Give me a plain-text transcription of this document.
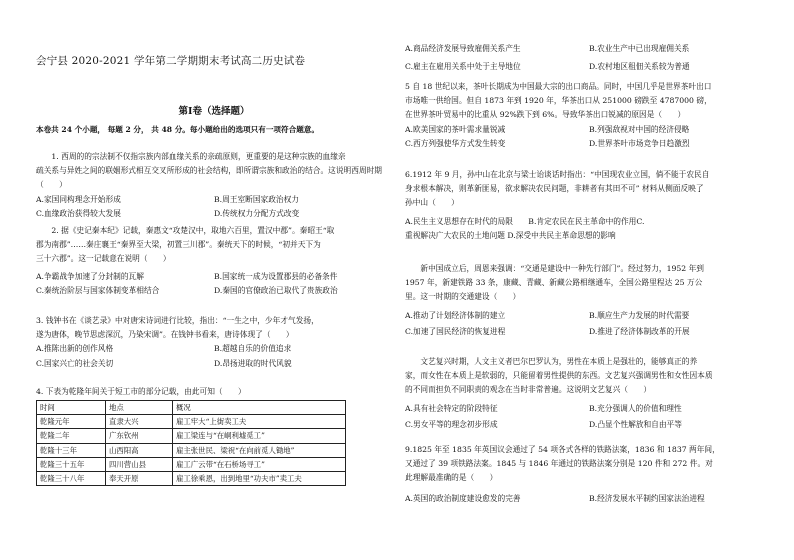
会宁县 2020-2021 学年第二学期期末考试高二历史试卷
第Ⅰ卷（选择题）
本卷共 24 个小题， 每题 2 分， 共 48 分。每小题给出的选项只有一项符合题意。

1. 西周的的宗法制不仅指宗族内部血缘关系的亲疏原则，更重要的是这种宗族的血缘亲

疏关系与异姓之间的联姻形式相互交叉所形成的社会结构，即所谓宗族和政治的结合。这说明西周时期（　　）

A.家国同构理念开始形成	B.周王室断国家政治权力
C.血缘政治获得较大发展	D.传统权力分配方式改变

2. 据《史记秦本纪》记载，秦惠文“攻楚汉中，取地六百里，置汉中郡”。秦昭王“取

郡为南郡”……秦庄襄王“秦界至大梁，初置三川郡”。秦统天下的时候，“初并天下为

三十六郡”。这一记载意在说明（　　）

A.争霸战争加速了分封制的瓦解	B.国家统一成为设置郡县的必备条件
C.秦统治阶层与国家体制变革相结合	D.秦国的官僚政治已取代了贵族政治

3. 钱钟书在《谈艺录》中对唐宋诗词进行比较，指出：“一生之中，少年才气发扬，

遂为唐体，晚节思虑深沉，乃染宋调”。在钱钟书看来，唐诗体现了（　　）

A.推陈出新的创作风格	B.超越自乐的价值追求
C.国家兴亡的社会关切	D.昂扬进取的时代风貌

4. 下表为乾隆年间关于短工市的部分记载，由此可知（　　）

时间	地点	概况
乾隆元年	直隶大兴	雇工牢大“上街卖工夫
乾隆二年	广东钦州	雇工梁连与“在峒利墟觅工”
乾隆十三年	山西阳高	雇主张世民、梁祝“在向前觅人锄地”
乾隆三十五年	四川营山县	雇工广云带“在石桥场寻工”
乾隆三十八年	奉天开原	雇工徐乘恩，出到地里“功夫市”卖工夫
A.商品经济发展导致雇佣关系产生	B.农业生产中已出现雇佣关系
C.雇主在雇用关系中处于主导地位	D.农村地区租佃关系较为普通

5 自 18 世纪以来，茶叶长期成为中国最大宗的出口商品。同时，中国几乎是世界茶叶出口

市场唯一供给国。但自 1873 年到 1920 年，华茶出口从 251000 磅跌至 4787000 磅，

在世界茶叶贸易中的比重从 92%跌下到 6%。导致华茶出口锐减的原因是（　　）

A.欧美国家的茶叶需求量锐减	B.列强敌视对中国的经济侵略
C.西方列强使华方式发生转变	D.世界茶叶市场竞争日趋激烈

6.1912 年 9 月，孙中山在北京与梁士诒谈话时指出：“中国现农业立国，倘不能于农民自

身求根本解决，则革新匪易，欲求解决农民问题，非耕者有其田不可” 材料从侧面反映了

孙中山（　　）

A.民生主义思想存在时代的局限　　B.肯定农民在民主革命中的作用C.

重视解决广大农民的土地问题 D.深受中共民主革命思想的影响

新中国成立后，周恩来强调：“交通是建设中一种先行部门”。经过努力，1952 年到

1957 年，新建铁路 33 条，康藏、青藏、新藏公路相继通车，全国公路里程达 25 万公

里。这一时期的交通建设（　　）

A.推动了计划经济体制的建立	B.顺应生产力发展的时代需要
C.加速了国民经济的恢复进程	D.推进了经济体制改革的开展

文艺复兴时期，人文主义者巴尔巴罗认为，男性在本质上是强壮的，能够真正的养

家，而女性在本质上是软弱的，只能留着男性提供的东西。文艺复兴强调男性和女性因本质

的不同而担负不同职责的观念在当时非常普遍。这说明文艺复兴（　　）

A.具有社会特定的阶段特征	B.充分强调人的价值和理性
C.男女平等的理念初步形成	D.凸显个性解放和自由平等

9.1825 年至 1835 年英国议会通过了 54 项各式各样的铁路法案，1836 和 1837 两年间，

又通过了 39 项铁路法案。1845 与 1846 年通过的铁路法案分别是 120 件和 272 件。对

此理解最准确的是（　　）

A.英国的政治制度建设愈发的完善	B.经济发展水平制约国家法治进程
